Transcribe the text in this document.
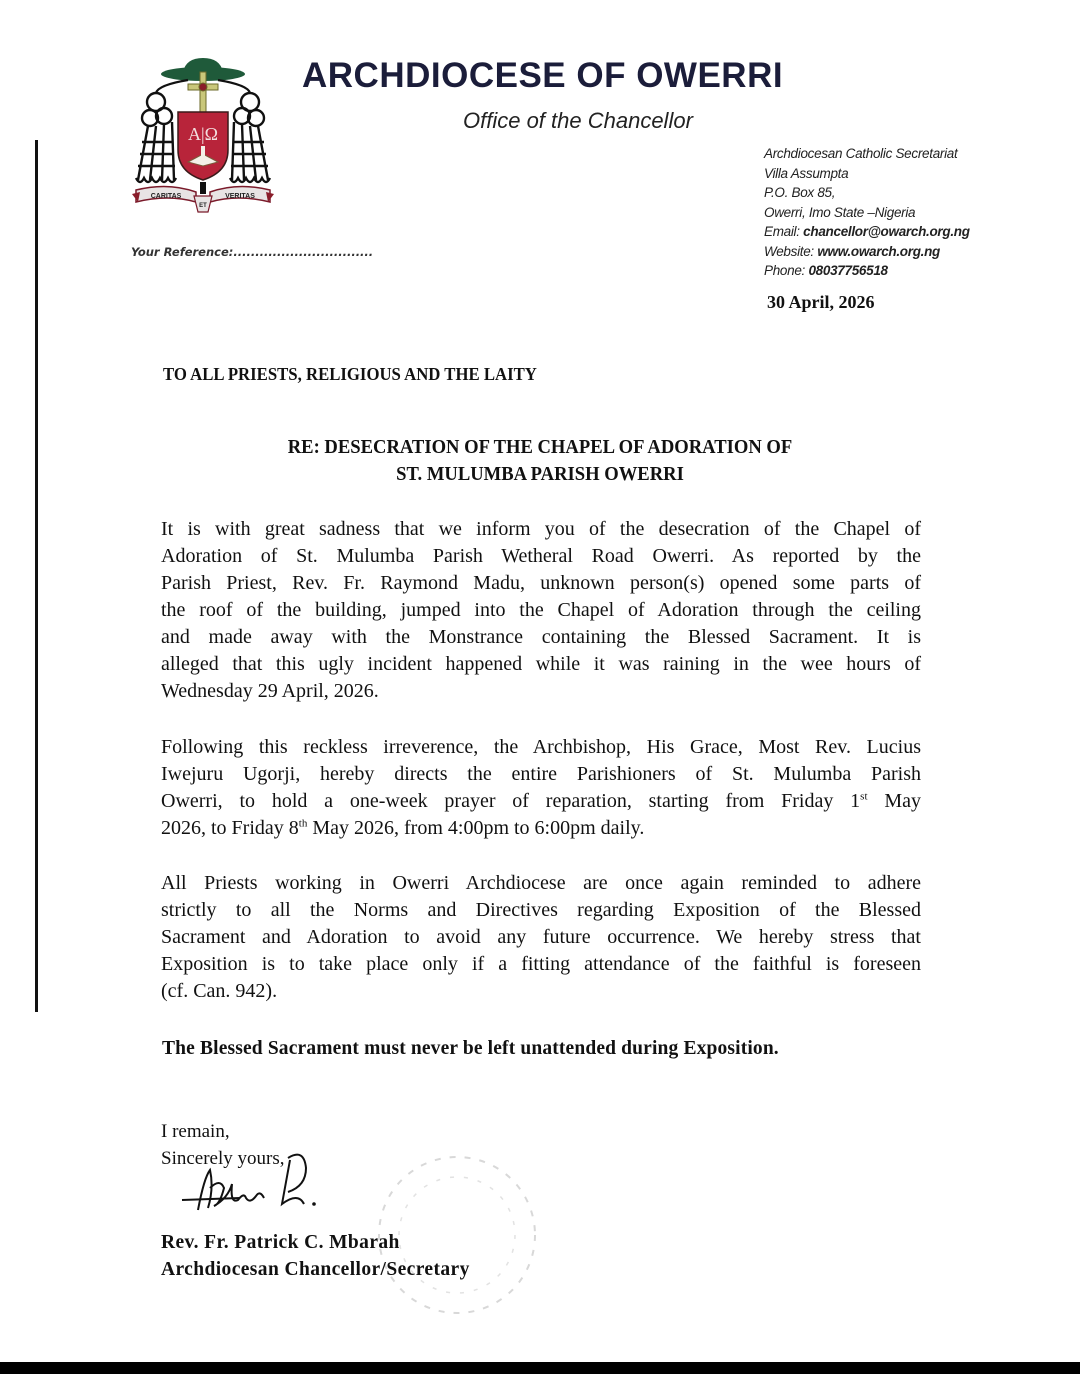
A|Ω
CARITAS
ET
VERITAS
ARCHDIOCESE OF OWERRI
Office of the Chancellor
Your Reference:................................
Archdiocesan Catholic Secretariat
Villa Assumpta
P.O. Box 85,
Owerri, Imo State –Nigeria
Email: chancellor@owarch.org.ng
Website: www.owarch.org.ng
Phone: 08037756518
30 April, 2026
TO ALL PRIESTS, RELIGIOUS AND THE LAITY
RE: DESECRATION OF THE CHAPEL OF ADORATION OF
ST. MULUMBA PARISH OWERRI
It is with great sadness that we inform you of the desecration of the Chapel of
Adoration of St. Mulumba Parish Wetheral Road Owerri. As reported by the
Parish Priest, Rev. Fr. Raymond Madu, unknown person(s) opened some parts of
the roof of the building, jumped into the Chapel of Adoration through the ceiling
and made away with the Monstrance containing the Blessed Sacrament. It is
alleged that this ugly incident happened while it was raining in the wee hours of
Wednesday 29 April, 2026.
Following this reckless irreverence, the Archbishop, His Grace, Most Rev. Lucius
Iwejuru Ugorji, hereby directs the entire Parishioners of St. Mulumba Parish
Owerri, to hold a one-week prayer of reparation, starting from Friday 1st May
2026, to Friday 8th May 2026, from 4:00pm to 6:00pm daily.
All Priests working in Owerri Archdiocese are once again reminded to adhere
strictly to all the Norms and Directives regarding Exposition of the Blessed
Sacrament and Adoration to avoid any future occurrence. We hereby stress that
Exposition is to take place only if a fitting attendance of the faithful is foreseen
(cf. Can. 942).
The Blessed Sacrament must never be left unattended during Exposition.
I remain,
Sincerely yours,
Rev. Fr. Patrick C. Mbarah
Archdiocesan Chancellor/Secretary
